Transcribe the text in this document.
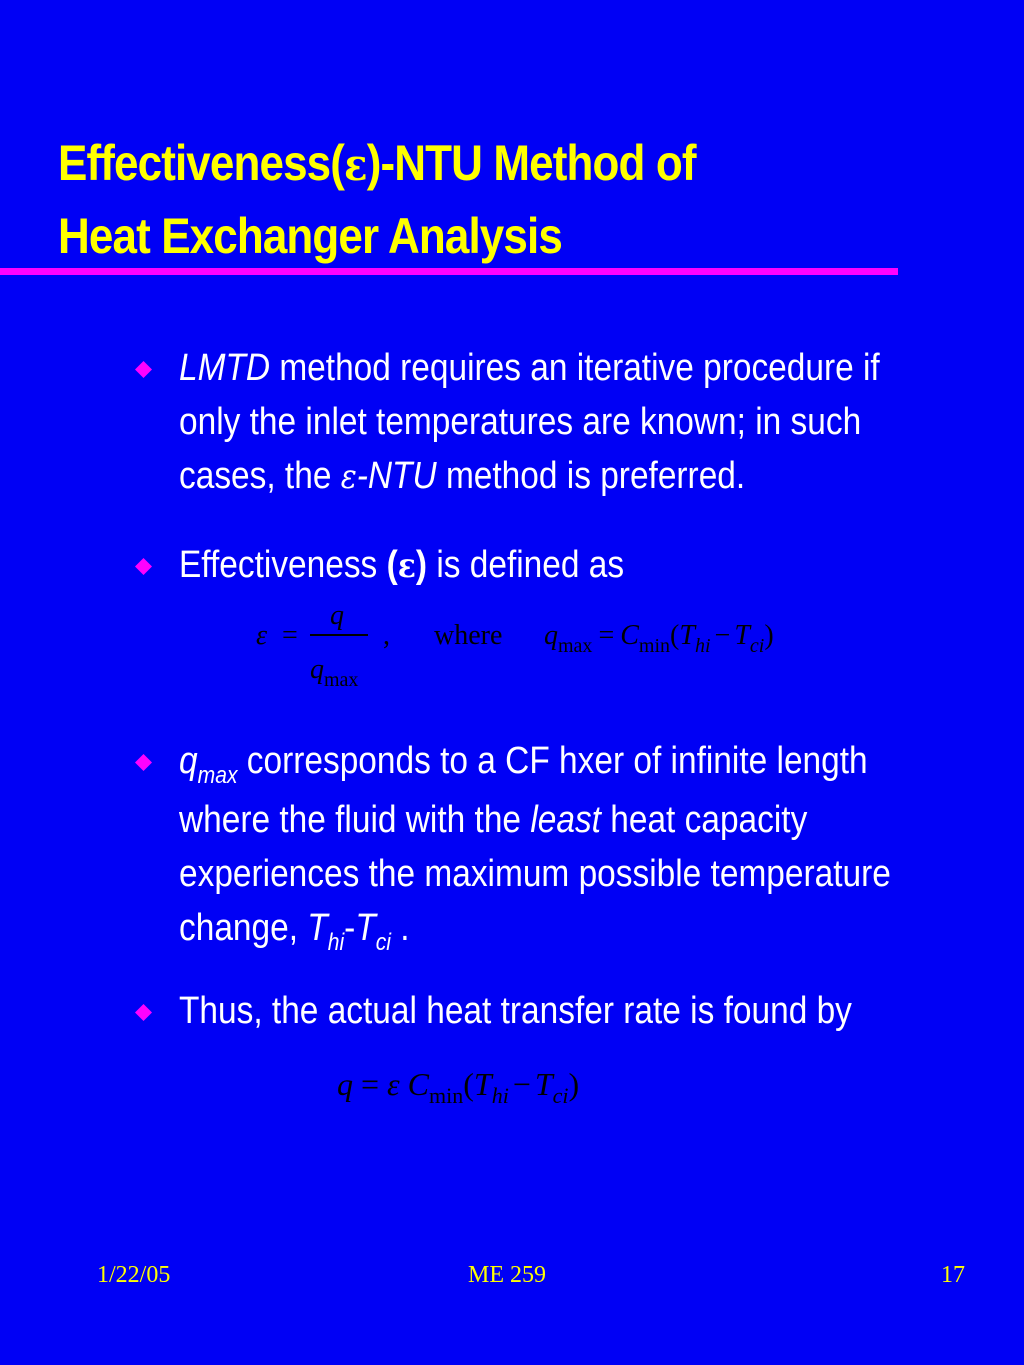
Effectiveness(ε)-NTU Method of
Heat Exchanger Analysis
LMTD method requires an iterative procedure if only the inlet temperatures are known; in such cases, the ε-NTU method is preferred.
Effectiveness (ε) is defined as
ε =
q
$q_{max}$
, where $q_{max} = C_{min}(T_{hi} - T_{ci})$
$q_{max}$ corresponds to a CF hxer of infinite length where the fluid with the least heat capacity experiences the maximum possible temperature change, $T_{hi}-T_{ci}$ .
Thus, the actual heat transfer rate is found by
q = ε $C_{min}(T_{hi} - T_{ci})$
1/22/05	ME 259	17
